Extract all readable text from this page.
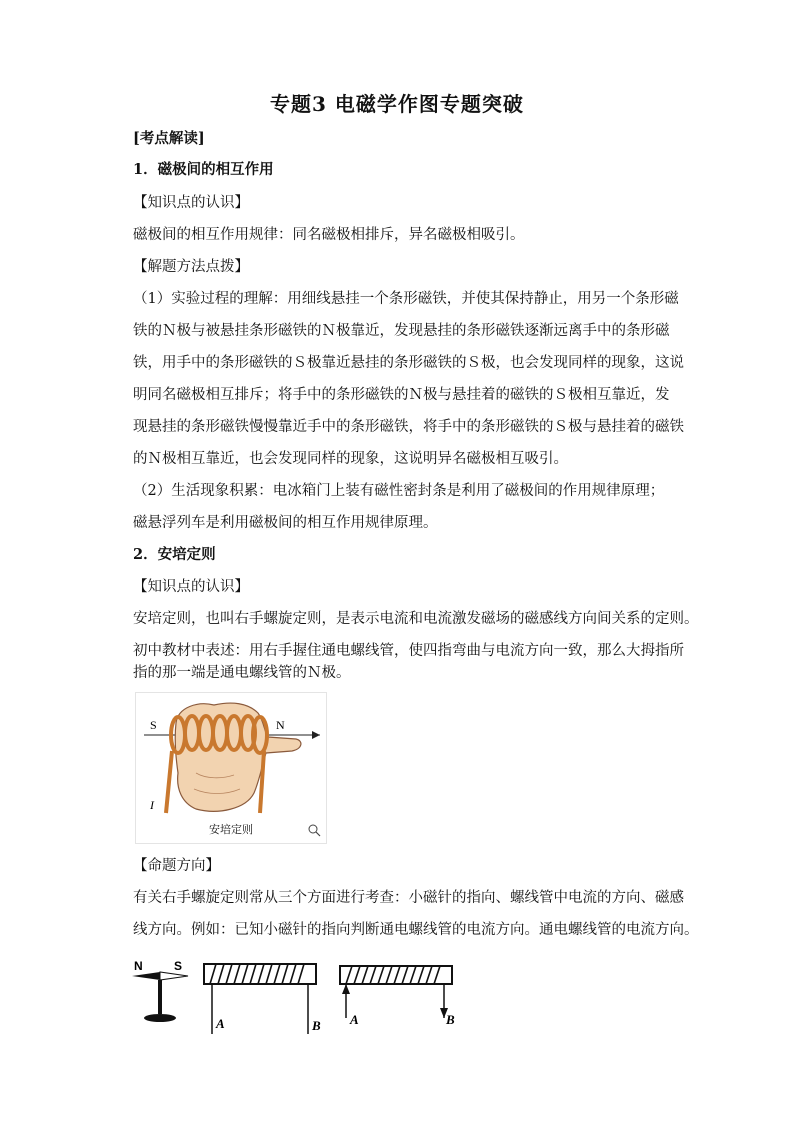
专题3 电磁学作图专题突破
[考点解读]
1．磁极间的相互作用
【知识点的认识】
磁极间的相互作用规律：同名磁极相排斥，异名磁极相吸引。
【解题方法点拨】
（1）实验过程的理解：用细线悬挂一个条形磁铁，并使其保持静止，用另一个条形磁
铁的Ｎ极与被悬挂条形磁铁的Ｎ极靠近，发现悬挂的条形磁铁逐渐远离手中的条形磁
铁，用手中的条形磁铁的Ｓ极靠近悬挂的条形磁铁的Ｓ极，也会发现同样的现象，这说
明同名磁极相互排斥；将手中的条形磁铁的Ｎ极与悬挂着的磁铁的Ｓ极相互靠近，发
现悬挂的条形磁铁慢慢靠近手中的条形磁铁，将手中的条形磁铁的Ｓ极与悬挂着的磁铁
的Ｎ极相互靠近，也会发现同样的现象，这说明异名磁极相互吸引。
（2）生活现象积累：电冰箱门上装有磁性密封条是利用了磁极间的作用规律原理；
磁悬浮列车是利用磁极间的相互作用规律原理。
2．安培定则
【知识点的认识】
安培定则，也叫右手螺旋定则，是表示电流和电流激发磁场的磁感线方向间关系的定则。
初中教材中表述：用右手握住通电螺线管，使四指弯曲与电流方向一致，那么大拇指所
指的那一端是通电螺线管的Ｎ极。
S	N
I
安培定则
【命题方向】
有关右手螺旋定则常从三个方面进行考查：小磁针的指向、螺线管中电流的方向、磁感
线方向。例如：已知小磁针的指向判断通电螺线管的电流方向。通电螺线管的电流方向。
N	S
A	B A	B
